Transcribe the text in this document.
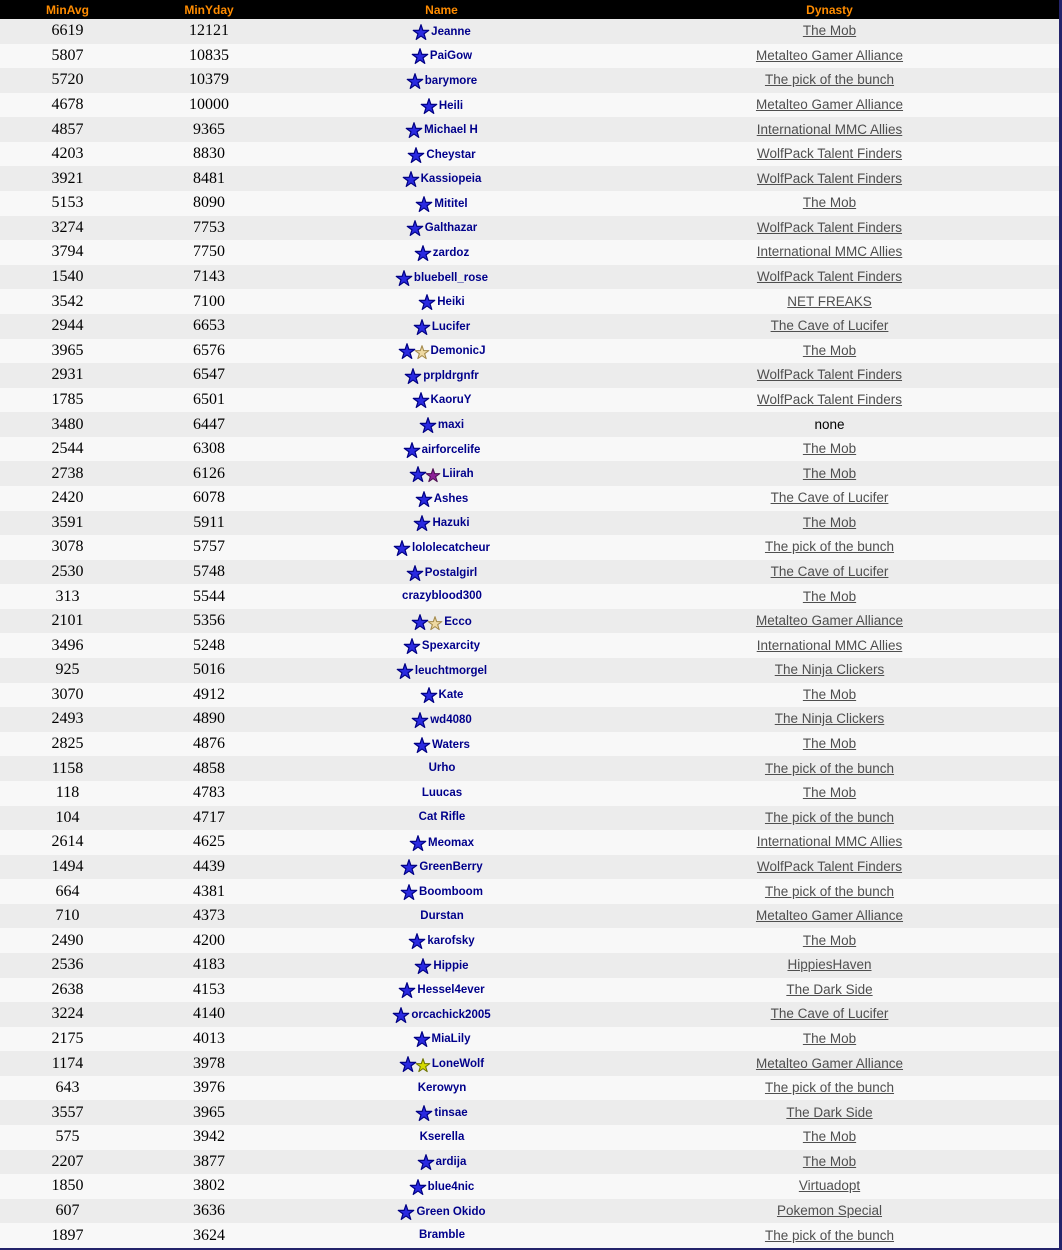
MinAvg	MinYday	Name	Dynasty
6619	12121	Jeanne	The Mob
5807	10835	PaiGow	Metalteo Gamer Alliance
5720	10379	barymore	The pick of the bunch
4678	10000	Heili	Metalteo Gamer Alliance
4857	9365	Michael H	International MMC Allies
4203	8830	Cheystar	WolfPack Talent Finders
3921	8481	Kassiopeia	WolfPack Talent Finders
5153	8090	Mititel	The Mob
3274	7753	Galthazar	WolfPack Talent Finders
3794	7750	zardoz	International MMC Allies
1540	7143	bluebell_rose	WolfPack Talent Finders
3542	7100	Heiki	NET FREAKS
2944	6653	Lucifer	The Cave of Lucifer
3965	6576	DemonicJ	The Mob
2931	6547	prpldrgnfr	WolfPack Talent Finders
1785	6501	KaoruY	WolfPack Talent Finders
3480	6447	maxi	none
2544	6308	airforcelife	The Mob
2738	6126	Liirah	The Mob
2420	6078	Ashes	The Cave of Lucifer
3591	5911	Hazuki	The Mob
3078	5757	lololecatcheur	The pick of the bunch
2530	5748	Postalgirl	The Cave of Lucifer
313	5544	crazyblood300	The Mob
2101	5356	Ecco	Metalteo Gamer Alliance
3496	5248	Spexarcity	International MMC Allies
925	5016	leuchtmorgel	The Ninja Clickers
3070	4912	Kate	The Mob
2493	4890	wd4080	The Ninja Clickers
2825	4876	Waters	The Mob
1158	4858	Urho	The pick of the bunch
118	4783	Luucas	The Mob
104	4717	Cat Rifle	The pick of the bunch
2614	4625	Meomax	International MMC Allies
1494	4439	GreenBerry	WolfPack Talent Finders
664	4381	Boomboom	The pick of the bunch
710	4373	Durstan	Metalteo Gamer Alliance
2490	4200	karofsky	The Mob
2536	4183	Hippie	HippiesHaven
2638	4153	Hessel4ever	The Dark Side
3224	4140	orcachick2005	The Cave of Lucifer
2175	4013	MiaLily	The Mob
1174	3978	LoneWolf	Metalteo Gamer Alliance
643	3976	Kerowyn	The pick of the bunch
3557	3965	tinsae	The Dark Side
575	3942	Kserella	The Mob
2207	3877	ardija	The Mob
1850	3802	blue4nic	Virtuadopt
607	3636	Green Okido	Pokemon Special
1897	3624	Bramble	The pick of the bunch
